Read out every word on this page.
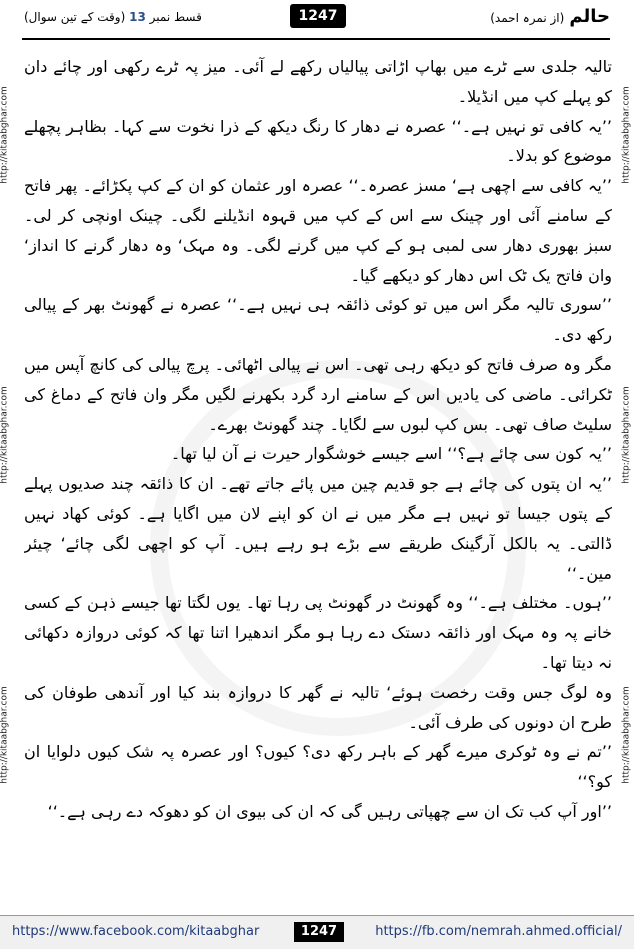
قسط نمبر 13 (وقت کے تین سوال)	1247	حالم (از نمرہ احمد)
http://kitaabghar.com
http://kitaabghar.com
http://kitaabghar.com
http://kitaabghar.com
http://kitaabghar.com
http://kitaabghar.com

تالیہ جلدی سے ٹرے میں بھاپ اڑاتی پیالیاں رکھے لے آئی۔ میز پہ ٹرے رکھی اور چائے دان کو پہلے کپ میں انڈیلا۔

’’یہ کافی تو نہیں ہے۔‘‘ عصرہ نے دھار کا رنگ دیکھ کے ذرا نخوت سے کہا۔ بظاہر پچھلے موضوع کو بدلا۔

’’یہ کافی سے اچھی ہے‘ مسز عصرہ۔‘‘ عصرہ اور عثمان کو ان کے کپ پکڑائے۔ پھر فاتح کے سامنے آئی اور چینک سے اس کے کپ میں قہوہ انڈیلنے لگی۔ چینک اونچی کر لی۔ سبز بھوری دھار سی لمبی ہو کے کپ میں گرنے لگی۔ وہ مہک‘ وہ دھار گرنے کا انداز‘ وان فاتح یک ٹک اس دھار کو دیکھے گیا۔

’’سوری تالیہ مگر اس میں تو کوئی ذائقہ ہی نہیں ہے۔‘‘ عصرہ نے گھونٹ بھر کے پیالی رکھ دی۔

مگر وہ صرف فاتح کو دیکھ رہی تھی۔ اس نے پیالی اٹھائی۔ پرچ پیالی کی کانچ آپس میں ٹکرائی۔ ماضی کی یادیں اس کے سامنے ارد گرد بکھرنے لگیں مگر وان فاتح کے دماغ کی سلیٹ صاف تھی۔ بس کپ لبوں سے لگایا۔ چند گھونٹ بھرے۔

’’یہ کون سی چائے ہے؟‘‘ اسے جیسے خوشگوار حیرت نے آن لیا تھا۔

’’یہ ان پتوں کی چائے ہے جو قدیم چین میں پائے جاتے تھے۔ ان کا ذائقہ چند صدیوں پہلے کے پتوں جیسا تو نہیں ہے مگر میں نے ان کو اپنے لان میں اگایا ہے۔ کوئی کھاد نہیں ڈالتی۔ یہ بالکل آرگینک طریقے سے بڑے ہو رہے ہیں۔ آپ کو اچھی لگی چائے‘ چیئر مین۔‘‘

’’ہوں۔ مختلف ہے۔‘‘ وہ گھونٹ در گھونٹ پی رہا تھا۔ یوں لگتا تھا جیسے ذہن کے کسی خانے پہ وہ مہک اور ذائقہ دستک دے رہا ہو مگر اندھیرا اتنا تھا کہ کوئی دروازہ دکھائی نہ دیتا تھا۔

وہ لوگ جس وقت رخصت ہوئے‘ تالیہ نے گھر کا دروازہ بند کیا اور آندھی طوفان کی طرح ان دونوں کی طرف آئی۔

’’تم نے وہ ٹوکری میرے گھر کے باہر رکھ دی؟ کیوں؟ اور عصرہ پہ شک کیوں دلوایا ان کو؟‘‘

’’اور آپ کب تک ان سے چھپاتی رہیں گی کہ ان کی بیوی ان کو دھوکہ دے رہی ہے۔‘‘

https://www.facebook.com/kitaabghar	1247	https://fb.com/nemrah.ahmed.official/
